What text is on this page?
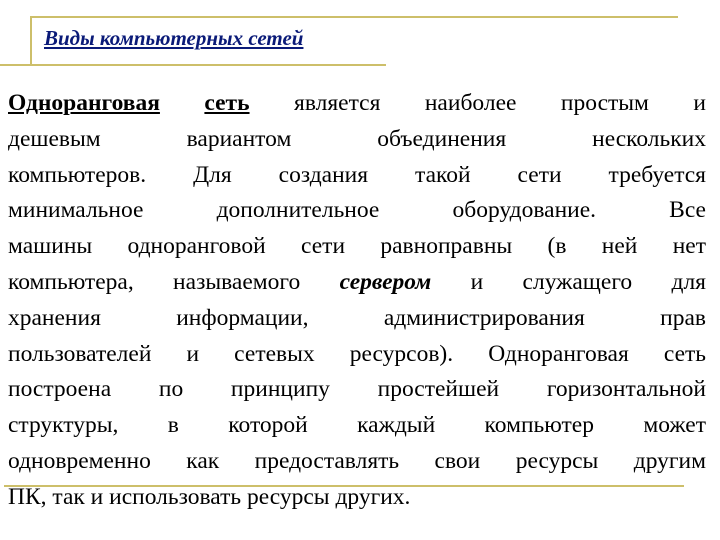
Виды компьютерных сетей
Одноранговая сеть является наиболее простым и
дешевым вариантом объединения нескольких
компьютеров. Для создания такой сети требуется
минимальное дополнительное оборудование. Все
машины одноранговой сети равноправны (в ней нет
компьютера, называемого сервером и служащего для
хранения информации, администрирования прав
пользователей и сетевых ресурсов). Одноранговая сеть
построена по принципу простейшей горизонтальной
структуры, в которой каждый компьютер может
одновременно как предоставлять свои ресурсы другим
ПК, так и использовать ресурсы других.
